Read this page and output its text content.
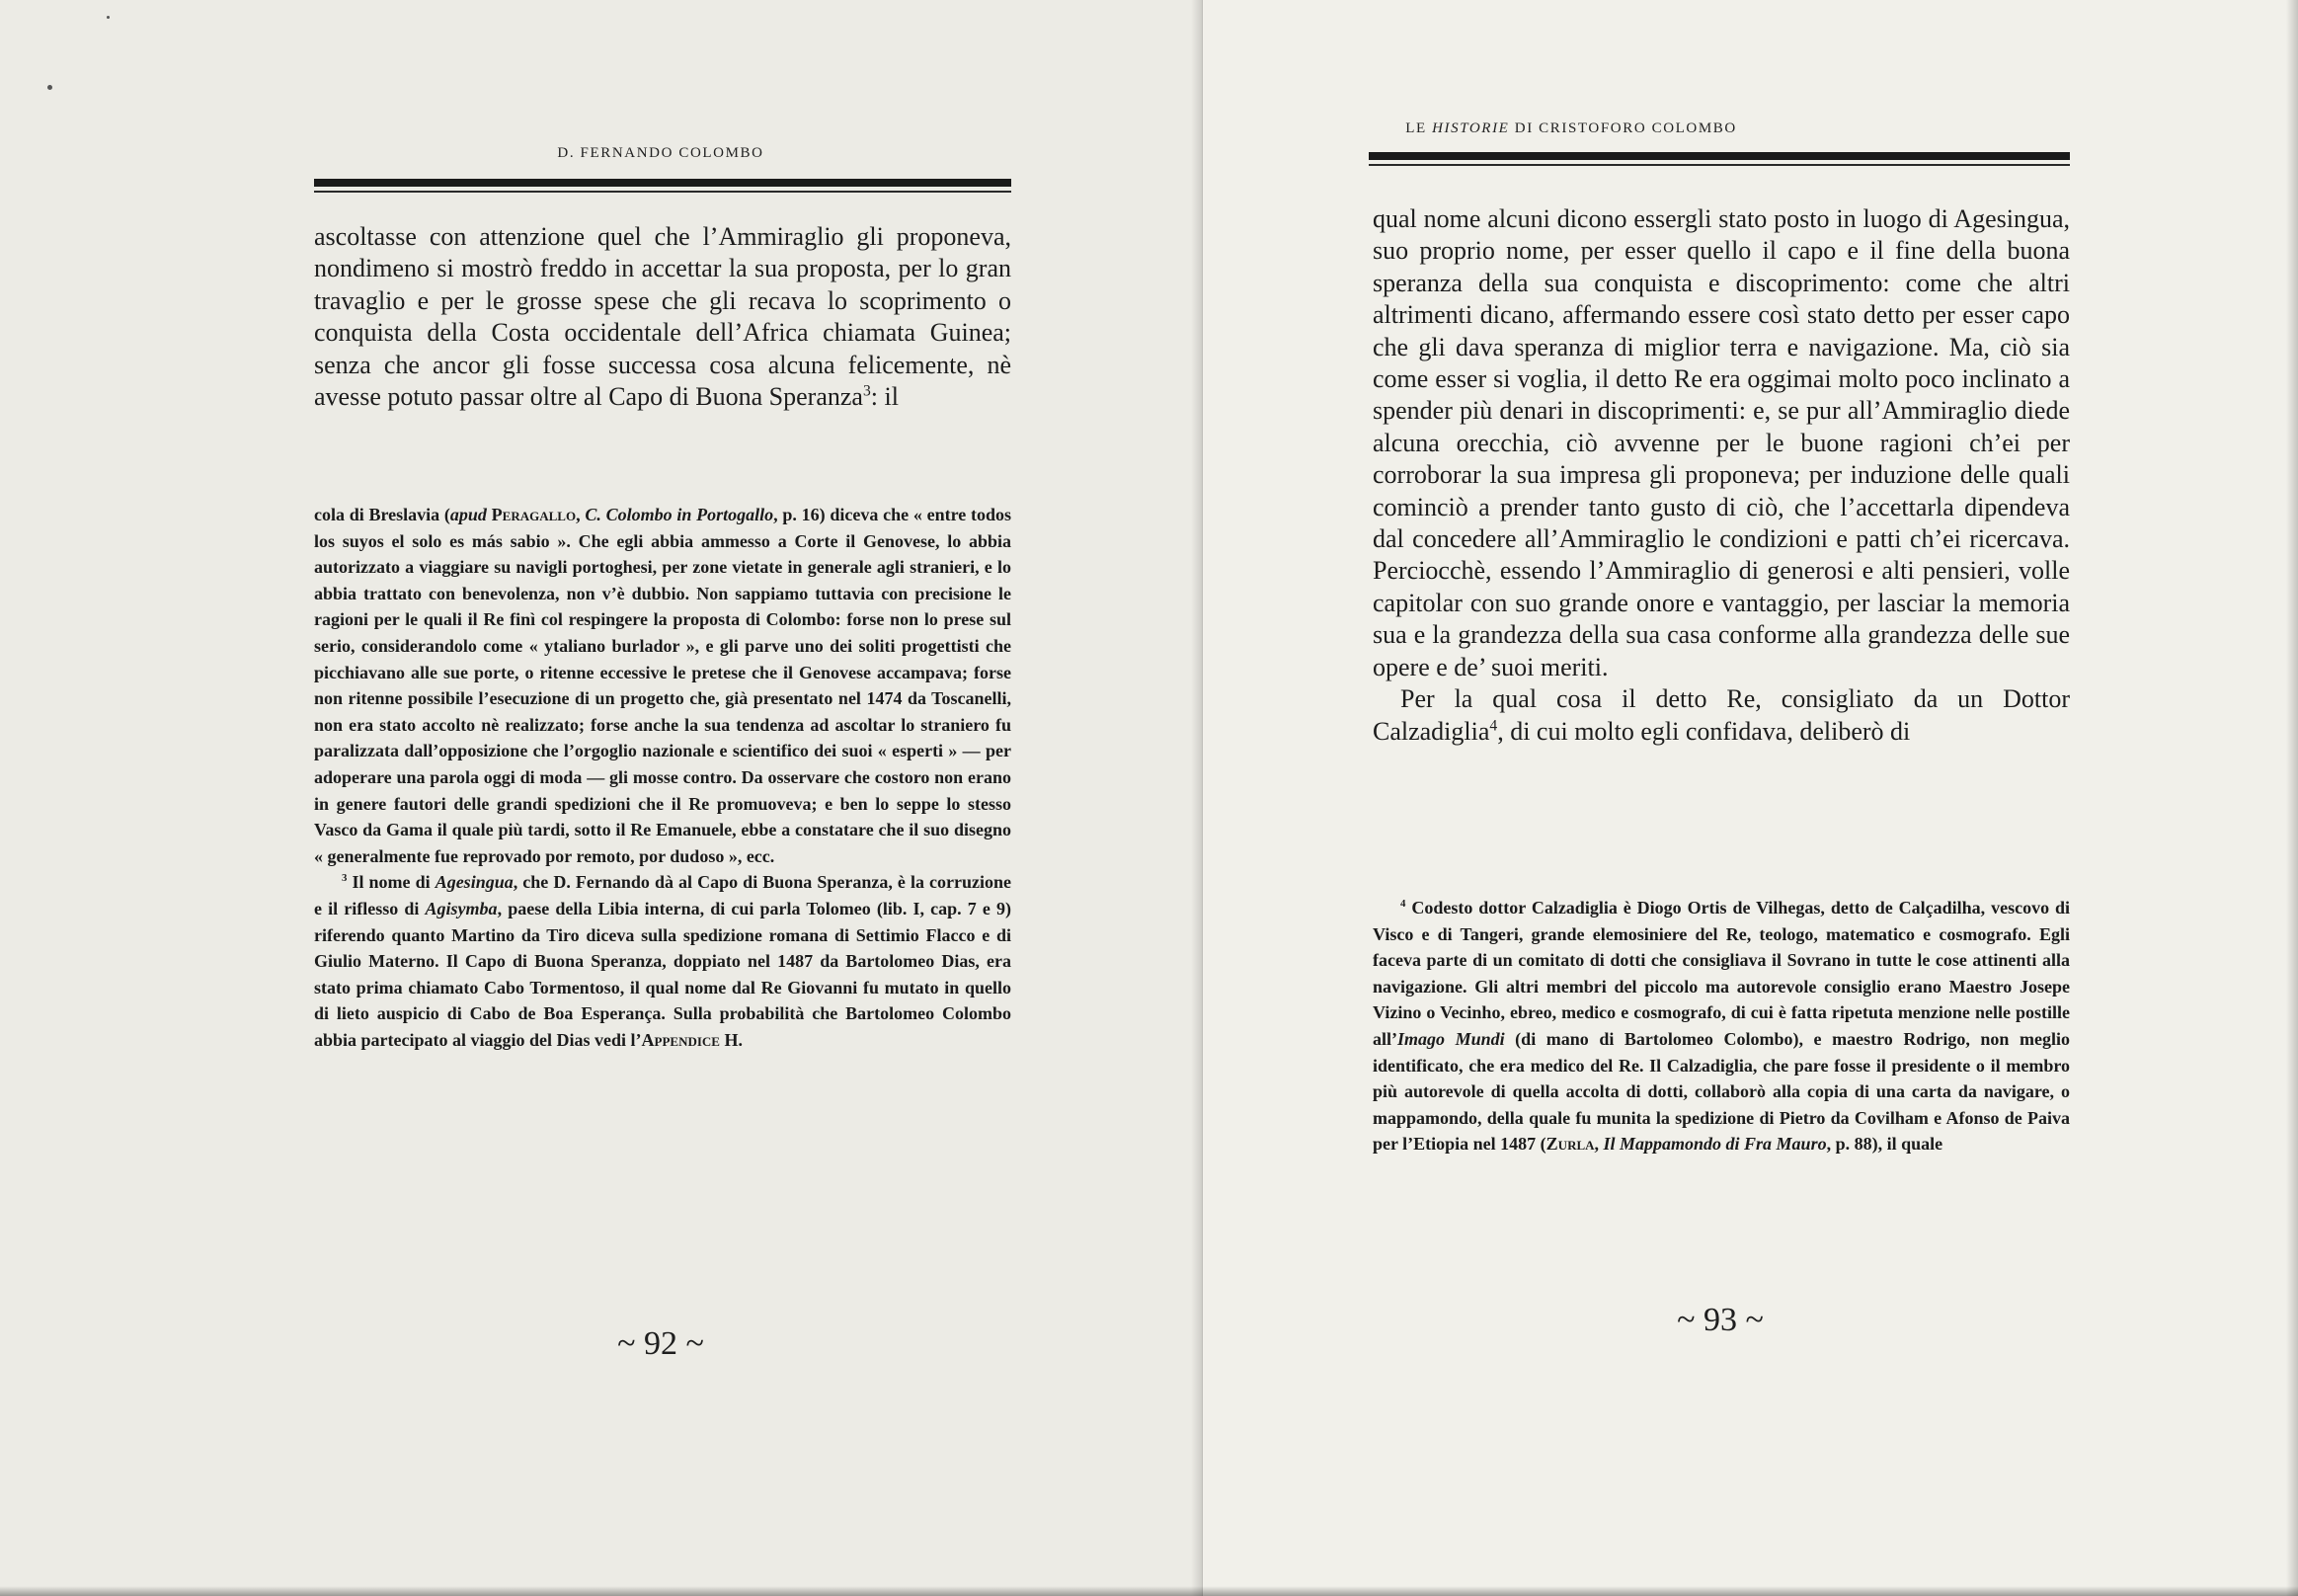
D. FERNANDO COLOMBO

ascoltasse con attenzione quel che l’Ammiraglio gli proponeva, nondimeno si mostrò freddo in accettar la sua proposta, per lo gran travaglio e per le grosse spese che gli recava lo scoprimento o conquista della Costa occidentale dell’Africa chiamata Guinea; senza che ancor gli fosse successa cosa alcuna felicemente, nè avesse potuto passar oltre al Capo di Buona Speranza$^3$: il

cola di Breslavia (apud Peragallo, C. Colombo in Portogallo, p. 16) diceva che « entre todos los suyos el solo es más sabio ». Che egli abbia ammesso a Corte il Genovese, lo abbia autorizzato a viaggiare su navigli portoghesi, per zone vietate in generale agli stranieri, e lo abbia trattato con benevolenza, non v’è dubbio. Non sappiamo tuttavia con precisione le ragioni per le quali il Re finì col respingere la proposta di Colombo: forse non lo prese sul serio, considerandolo come « ytaliano burlador », e gli parve uno dei soliti progettisti che picchiavano alle sue porte, o ritenne eccessive le pretese che il Genovese accampava; forse non ritenne possibile l’esecuzione di un progetto che, già presentato nel 1474 da Toscanelli, non era stato accolto nè realizzato; forse anche la sua tendenza ad ascoltar lo straniero fu paralizzata dall’opposizione che l’orgoglio nazionale e scientifico dei suoi « esperti » — per adoperare una parola oggi di moda — gli mosse contro. Da osservare che costoro non erano in genere fautori delle grandi spedizioni che il Re promuoveva; e ben lo seppe lo stesso Vasco da Gama il quale più tardi, sotto il Re Emanuele, ebbe a constatare che il suo disegno « generalmente fue reprovado por remoto, por dudoso », ecc.

$^3$ Il nome di Agesingua, che D. Fernando dà al Capo di Buona Speranza, è la corruzione e il riflesso di Agisymba, paese della Libia interna, di cui parla Tolomeo (lib. I, cap. 7 e 9) riferendo quanto Martino da Tiro diceva sulla spedizione romana di Settimio Flacco e di Giulio Materno. Il Capo di Buona Speranza, doppiato nel 1487 da Bartolomeo Dias, era stato prima chiamato Cabo Tormentoso, il qual nome dal Re Giovanni fu mutato in quello di lieto auspicio di Cabo de Boa Esperança. Sulla probabilità che Bartolomeo Colombo abbia partecipato al viaggio del Dias vedi l’Appendice H.

~ 92 ~
LE HISTORIE DI CRISTOFORO COLOMBO

qual nome alcuni dicono essergli stato posto in luogo di Agesingua, suo proprio nome, per esser quello il capo e il fine della buona speranza della sua conquista e discoprimento: come che altri altrimenti dicano, affermando essere così stato detto per esser capo che gli dava speranza di miglior terra e navigazione. Ma, ciò sia come esser si voglia, il detto Re era oggimai molto poco inclinato a spender più denari in discoprimenti: e, se pur all’Ammiraglio diede alcuna orecchia, ciò avvenne per le buone ragioni ch’ei per corroborar la sua impresa gli proponeva; per induzione delle quali cominciò a prender tanto gusto di ciò, che l’accettarla dipendeva dal concedere all’Ammiraglio le condizioni e patti ch’ei ricercava. Perciocchè, essendo l’Ammiraglio di generosi e alti pensieri, volle capitolar con suo grande onore e vantaggio, per lasciar la memoria sua e la grandezza della sua casa conforme alla grandezza delle sue opere e de’ suoi meriti.

Per la qual cosa il detto Re, consigliato da un Dottor Calzadiglia$^4$, di cui molto egli confidava, deliberò di

$^4$ Codesto dottor Calzadiglia è Diogo Ortis de Vilhegas, detto de Calçadilha, vescovo di Visco e di Tangeri, grande elemosiniere del Re, teologo, matematico e cosmografo. Egli faceva parte di un comitato di dotti che consigliava il Sovrano in tutte le cose attinenti alla navigazione. Gli altri membri del piccolo ma autorevole consiglio erano Maestro Josepe Vizino o Vecinho, ebreo, medico e cosmografo, di cui è fatta ripetuta menzione nelle postille all’Imago Mundi (di mano di Bartolomeo Colombo), e maestro Rodrigo, non meglio identificato, che era medico del Re. Il Calzadiglia, che pare fosse il presidente o il membro più autorevole di quella accolta di dotti, collaborò alla copia di una carta da navigare, o mappamondo, della quale fu munita la spedizione di Pietro da Covilham e Afonso de Paiva per l’Etiopia nel 1487 (Zurla, Il Mappamondo di Fra Mauro, p. 88), il quale

~ 93 ~
